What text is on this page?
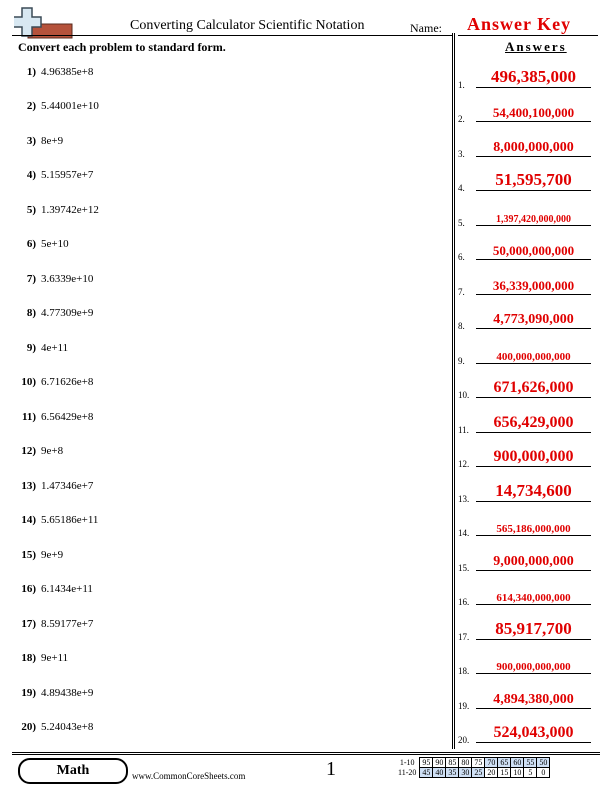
Converting Calculator Scientific Notation	Name: Answer Key
Convert each problem to standard form.
1) 4.96385e+8
2) 5.44001e+10
3) 8e+9
4) 5.15957e+7
5) 1.39742e+12
6) 5e+10
7) 3.6339e+10
8) 4.77309e+9
9) 4e+11
10) 6.71626e+8
11) 6.56429e+8
12) 9e+8
13) 1.47346e+7
14) 5.65186e+11
15) 9e+9
16) 6.1434e+11
17) 8.59177e+7
18) 9e+11
19) 4.89438e+9
20) 5.24043e+8
Answers
1.	496,385,000
2.	54,400,100,000
3.	8,000,000,000
4.	51,595,700
5.	1,397,420,000,000
6.	50,000,000,000
7.	36,339,000,000
8.	4,773,090,000
9.	400,000,000,000
10.	671,626,000
11.	656,429,000
12.	900,000,000
13.	14,734,600
14.	565,186,000,000
15.	9,000,000,000
16.	614,340,000,000
17.	85,917,700
18.	900,000,000,000
19.	4,894,380,000
20.	524,043,000
Math	www.CommonCoreSheets.com	1	1-10	95	90	85	80	75	70	65	60	55	50
11-20	45	40	35	30	25	20	15	10	5	0
